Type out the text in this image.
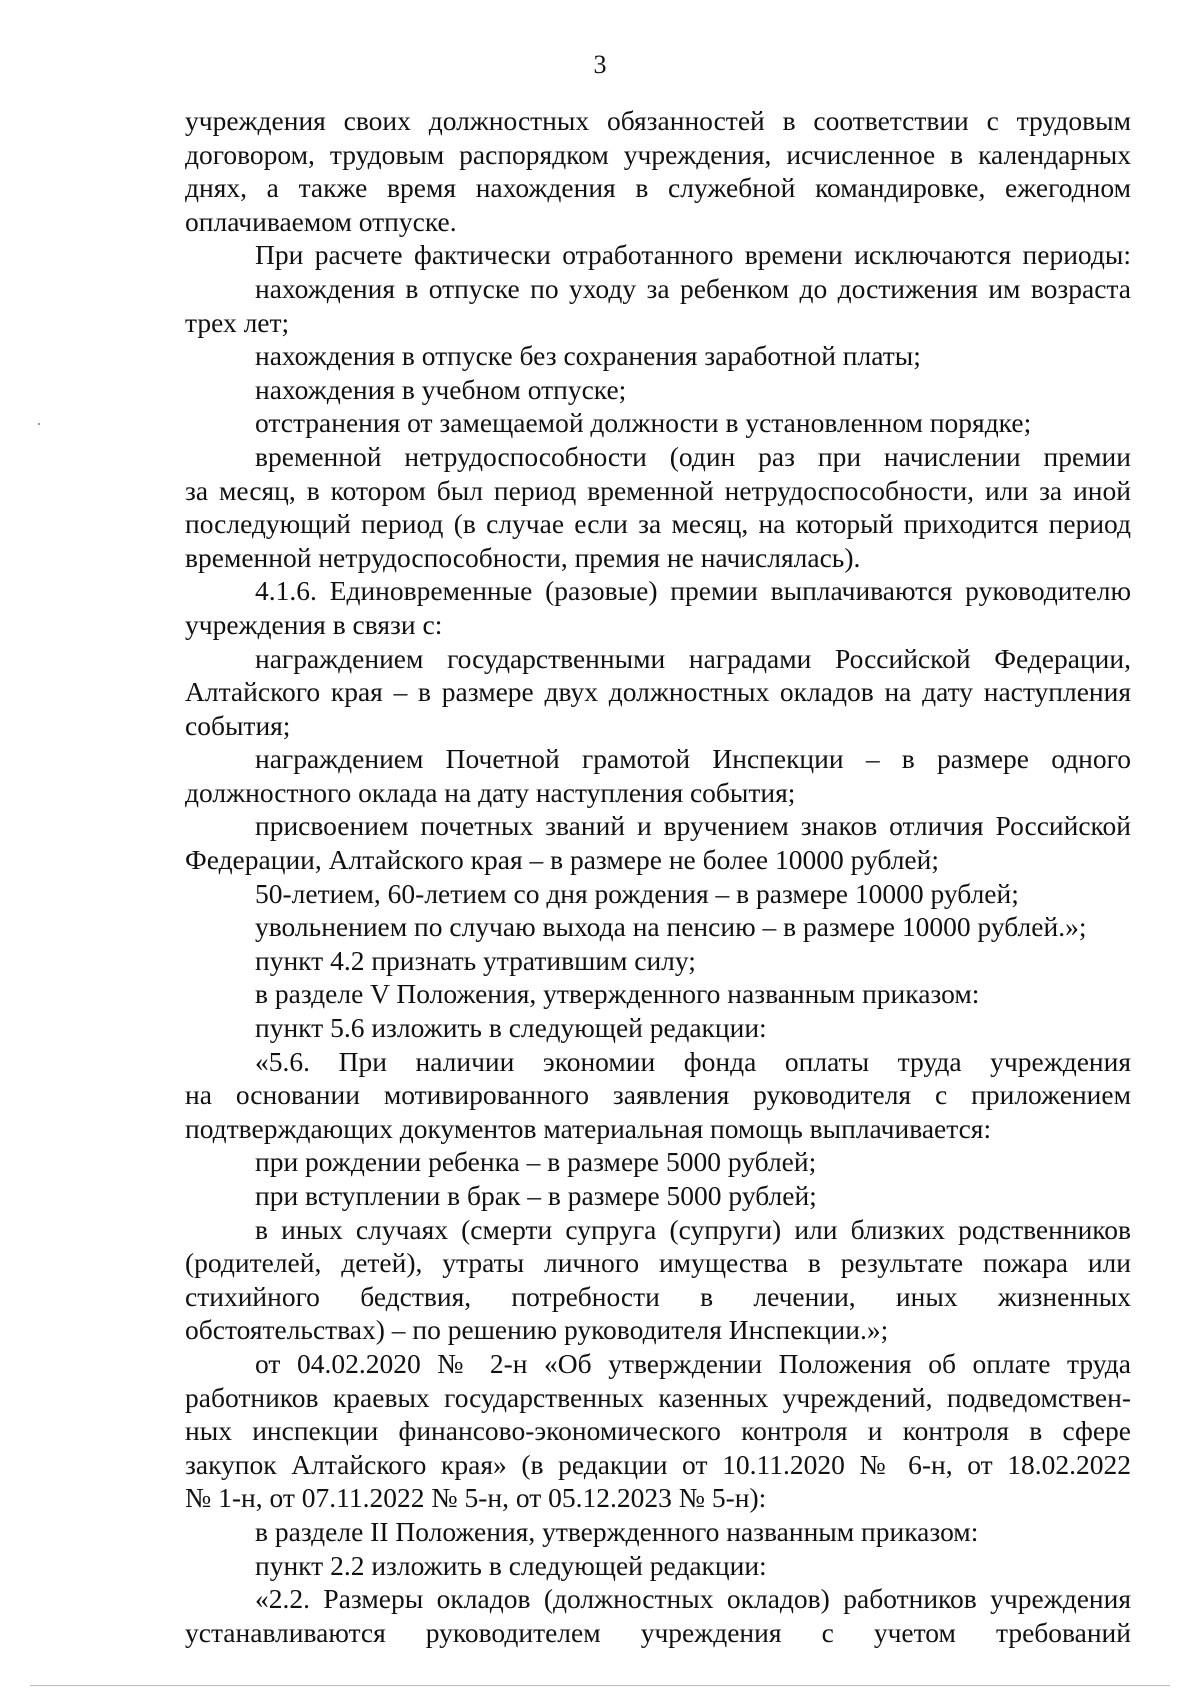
3
учреждения своих должностных обязанностей в соответствии с трудовым
договором, трудовым распорядком учреждения, исчисленное в календарных
днях, а также время нахождения в служебной командировке, ежегодном
оплачиваемом отпуске.
При расчете фактически отработанного времени исключаются периоды:
нахождения в отпуске по уходу за ребенком до достижения им возраста
трех лет;
нахождения в отпуске без сохранения заработной платы;
нахождения в учебном отпуске;
отстранения от замещаемой должности в установленном порядке;
временной нетрудоспособности (один раз при начислении премии
за месяц, в котором был период временной нетрудоспособности, или за иной
последующий период (в случае если за месяц, на который приходится период
временной нетрудоспособности, премия не начислялась).
4.1.6. Единовременные (разовые) премии выплачиваются руководителю
учреждения в связи с:
награждением государственными наградами Российской Федерации,
Алтайского края – в размере двух должностных окладов на дату наступления
события;
награждением Почетной грамотой Инспекции – в размере одного
должностного оклада на дату наступления события;
присвоением почетных званий и вручением знаков отличия Российской
Федерации, Алтайского края – в размере не более 10000 рублей;
50-летием, 60-летием со дня рождения – в размере 10000 рублей;
увольнением по случаю выхода на пенсию – в размере 10000 рублей.»;
пункт 4.2 признать утратившим силу;
в разделе V Положения, утвержденного названным приказом:
пункт 5.6 изложить в следующей редакции:
«5.6. При наличии экономии фонда оплаты труда учреждения
на основании мотивированного заявления руководителя с приложением
подтверждающих документов материальная помощь выплачивается:
при рождении ребенка – в размере 5000 рублей;
при вступлении в брак – в размере 5000 рублей;
в иных случаях (смерти супруга (супруги) или близких родственников
(родителей, детей), утраты личного имущества в результате пожара или
стихийного бедствия, потребности в лечении, иных жизненных
обстоятельствах) – по решению руководителя Инспекции.»;
от 04.02.2020 № 2-н «Об утверждении Положения об оплате труда
работников краевых государственных казенных учреждений, подведомствен-
ных инспекции финансово-экономического контроля и контроля в сфере
закупок Алтайского края» (в редакции от 10.11.2020 № 6-н, от 18.02.2022
№ 1-н, от 07.11.2022 № 5-н, от 05.12.2023 № 5-н):
в разделе II Положения, утвержденного названным приказом:
пункт 2.2 изложить в следующей редакции:
«2.2. Размеры окладов (должностных окладов) работников учреждения
устанавливаются руководителем учреждения с учетом требований
